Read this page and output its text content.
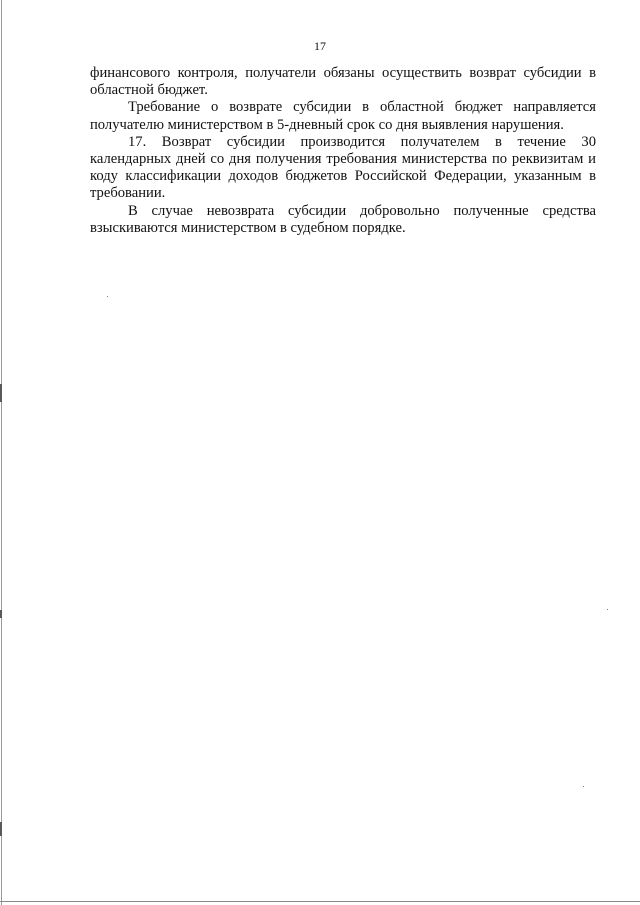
17

финансового контроля, получатели обязаны осуществить возврат субсидии в областной бюджет.

Требование о возврате субсидии в областной бюджет направляется получателю министерством в 5-дневный срок со дня выявления нарушения.

17. Возврат субсидии производится получателем в течение 30 календарных дней со дня получения требования министерства по реквизитам и коду классификации доходов бюджетов Российской Федерации, указанным в требовании.

В случае невозврата субсидии добровольно полученные средства взыскиваются министерством в судебном порядке.
